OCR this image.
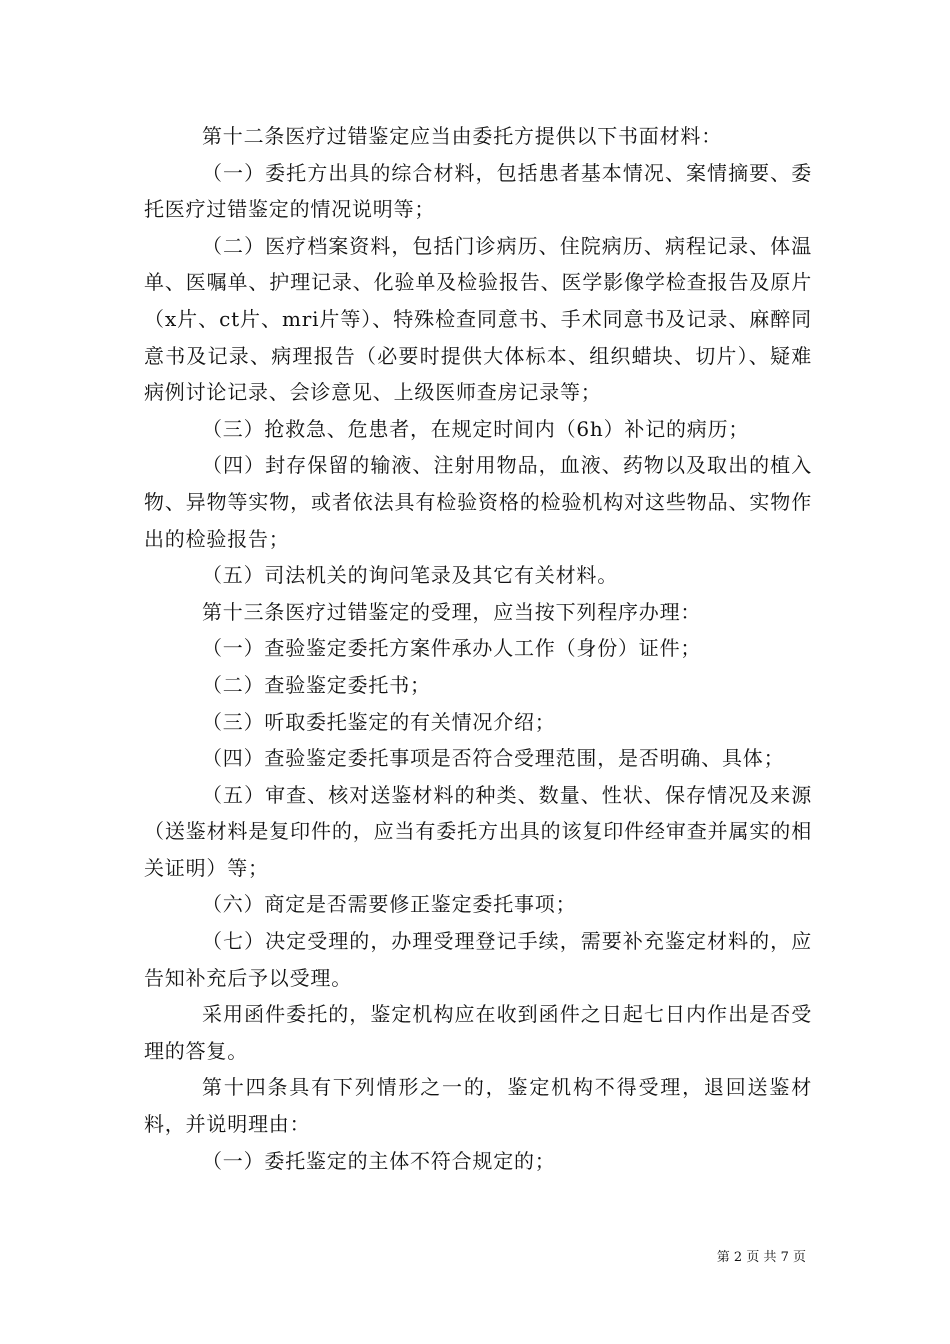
第十二条医疗过错鉴定应当由委托方提供以下书面材料：

（一）委托方出具的综合材料，包括患者基本情况、案情摘要、委托医疗过错鉴定的情况说明等；

（二）医疗档案资料，包括门诊病历、住院病历、病程记录、体温单、医嘱单、护理记录、化验单及检验报告、医学影像学检查报告及原片（x片、ct片、mri片等）、特殊检查同意书、手术同意书及记录、麻醉同意书及记录、病理报告（必要时提供大体标本、组织蜡块、切片）、疑难病例讨论记录、会诊意见、上级医师查房记录等；

（三）抢救急、危患者，在规定时间内（6h）补记的病历；

（四）封存保留的输液、注射用物品，血液、药物以及取出的植入物、异物等实物，或者依法具有检验资格的检验机构对这些物品、实物作出的检验报告；

（五）司法机关的询问笔录及其它有关材料。

第十三条医疗过错鉴定的受理，应当按下列程序办理：

（一）查验鉴定委托方案件承办人工作（身份）证件；

（二）查验鉴定委托书；

（三）听取委托鉴定的有关情况介绍；

（四）查验鉴定委托事项是否符合受理范围，是否明确、具体；

（五）审查、核对送鉴材料的种类、数量、性状、保存情况及来源（送鉴材料是复印件的，应当有委托方出具的该复印件经审查并属实的相关证明）等；

（六）商定是否需要修正鉴定委托事项；

（七）决定受理的，办理受理登记手续，需要补充鉴定材料的，应告知补充后予以受理。

采用函件委托的，鉴定机构应在收到函件之日起七日内作出是否受理的答复。

第十四条具有下列情形之一的，鉴定机构不得受理，退回送鉴材料，并说明理由：

（一）委托鉴定的主体不符合规定的；

第 2 页 共 7 页
